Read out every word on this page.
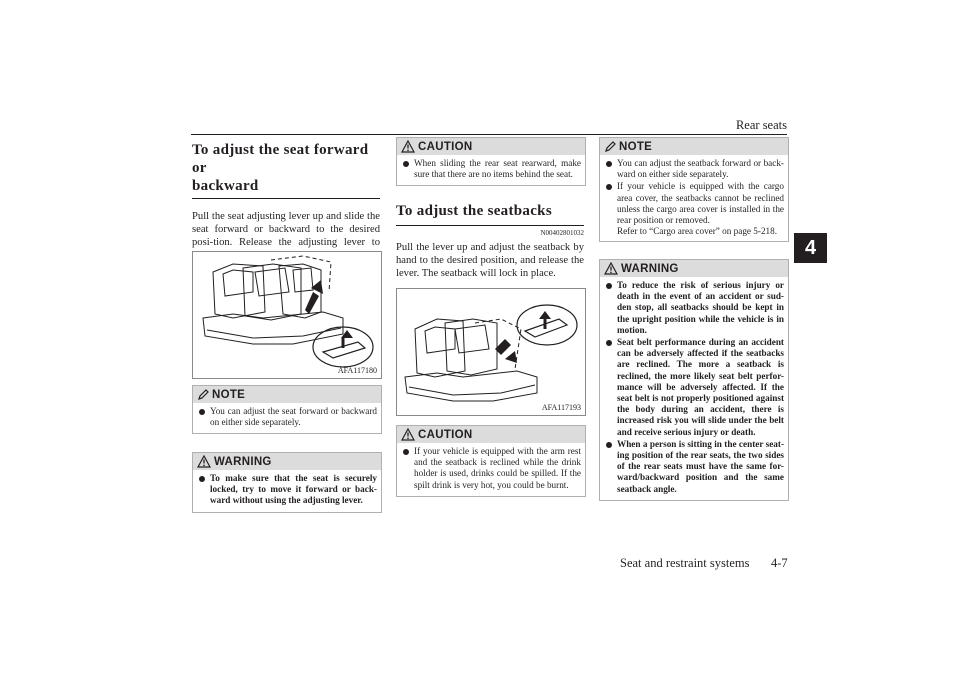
Rear seats
4
To adjust the seat forward or
backward
Pull the seat adjusting lever up and slide the seat forward or backward to the desired posi-tion. Release the adjusting lever to
AFA117180
NOTE
You can adjust the seat forward or backward on either side separately.
WARNING
To make sure that the seat is securely locked, try to move it forward or back-ward without using the adjusting lever.
CAUTION
When sliding the rear seat rearward, make sure that there are no items behind the seat.
To adjust the seatbacks
N00402801032
Pull the lever up and adjust the seatback by hand to the desired position, and release the lever. The seatback will lock in place.
AFA117193
CAUTION
If your vehicle is equipped with the arm rest and the seatback is reclined while the drink holder is used, drinks could be spilled. If the spilt drink is very hot, you could be burnt.
NOTE
You can adjust the seatback forward or back-ward on either side separately.
If your vehicle is equipped with the cargo area cover, the seatbacks cannot be reclined unless the cargo area cover is installed in the rear position or removed.
Refer to “Cargo area cover” on page 5-218.
WARNING
To reduce the risk of serious injury or death in the event of an accident or sud-den stop, all seatbacks should be kept in the upright position while the vehicle is in motion.
Seat belt performance during an accident can be adversely affected if the seatbacks are reclined. The more a seatback is reclined, the more likely seat belt perfor-mance will be adversely affected. If the seat belt is not properly positioned against the body during an accident, there is increased risk you will slide under the belt and receive serious injury or death.
When a person is sitting in the center seat-ing position of the rear seats, the two sides of the rear seats must have the same for-ward/backward position and the same seatback angle.
Seat and restraint systems 4-7
